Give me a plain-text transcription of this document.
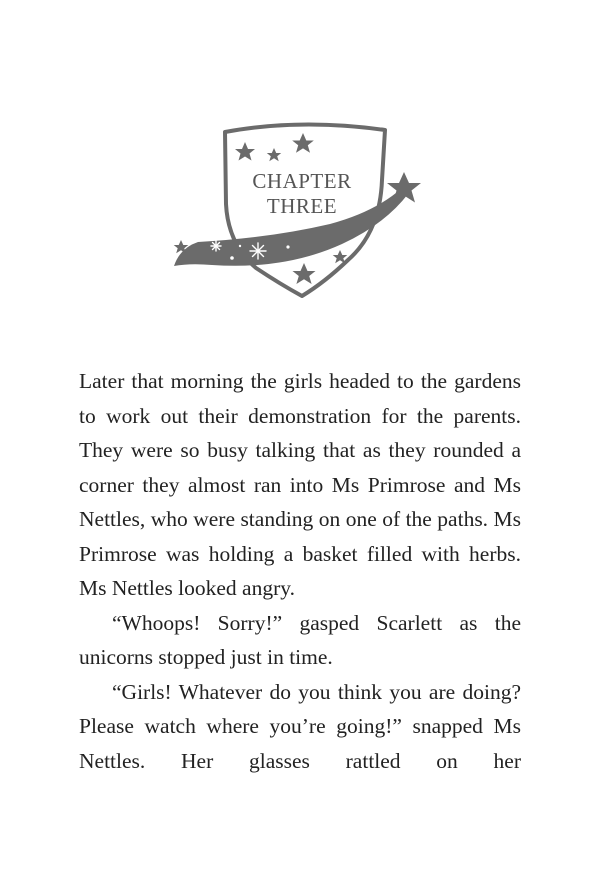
CHAPTER
THREE

Later that morning the girls headed to the gardens to work out their demonstration for the parents. They were so busy talking that as they rounded a corner they almost ran into Ms Primrose and Ms Nettles, who were standing on one of the paths. Ms Primrose was holding a basket filled with herbs. Ms Nettles looked angry.

“Whoops! Sorry!” gasped Scarlett as the unicorns stopped just in time.

“Girls! Whatever do you think you are doing? Please watch where you’re going!” snapped Ms Nettles. Her glasses rattled on her
